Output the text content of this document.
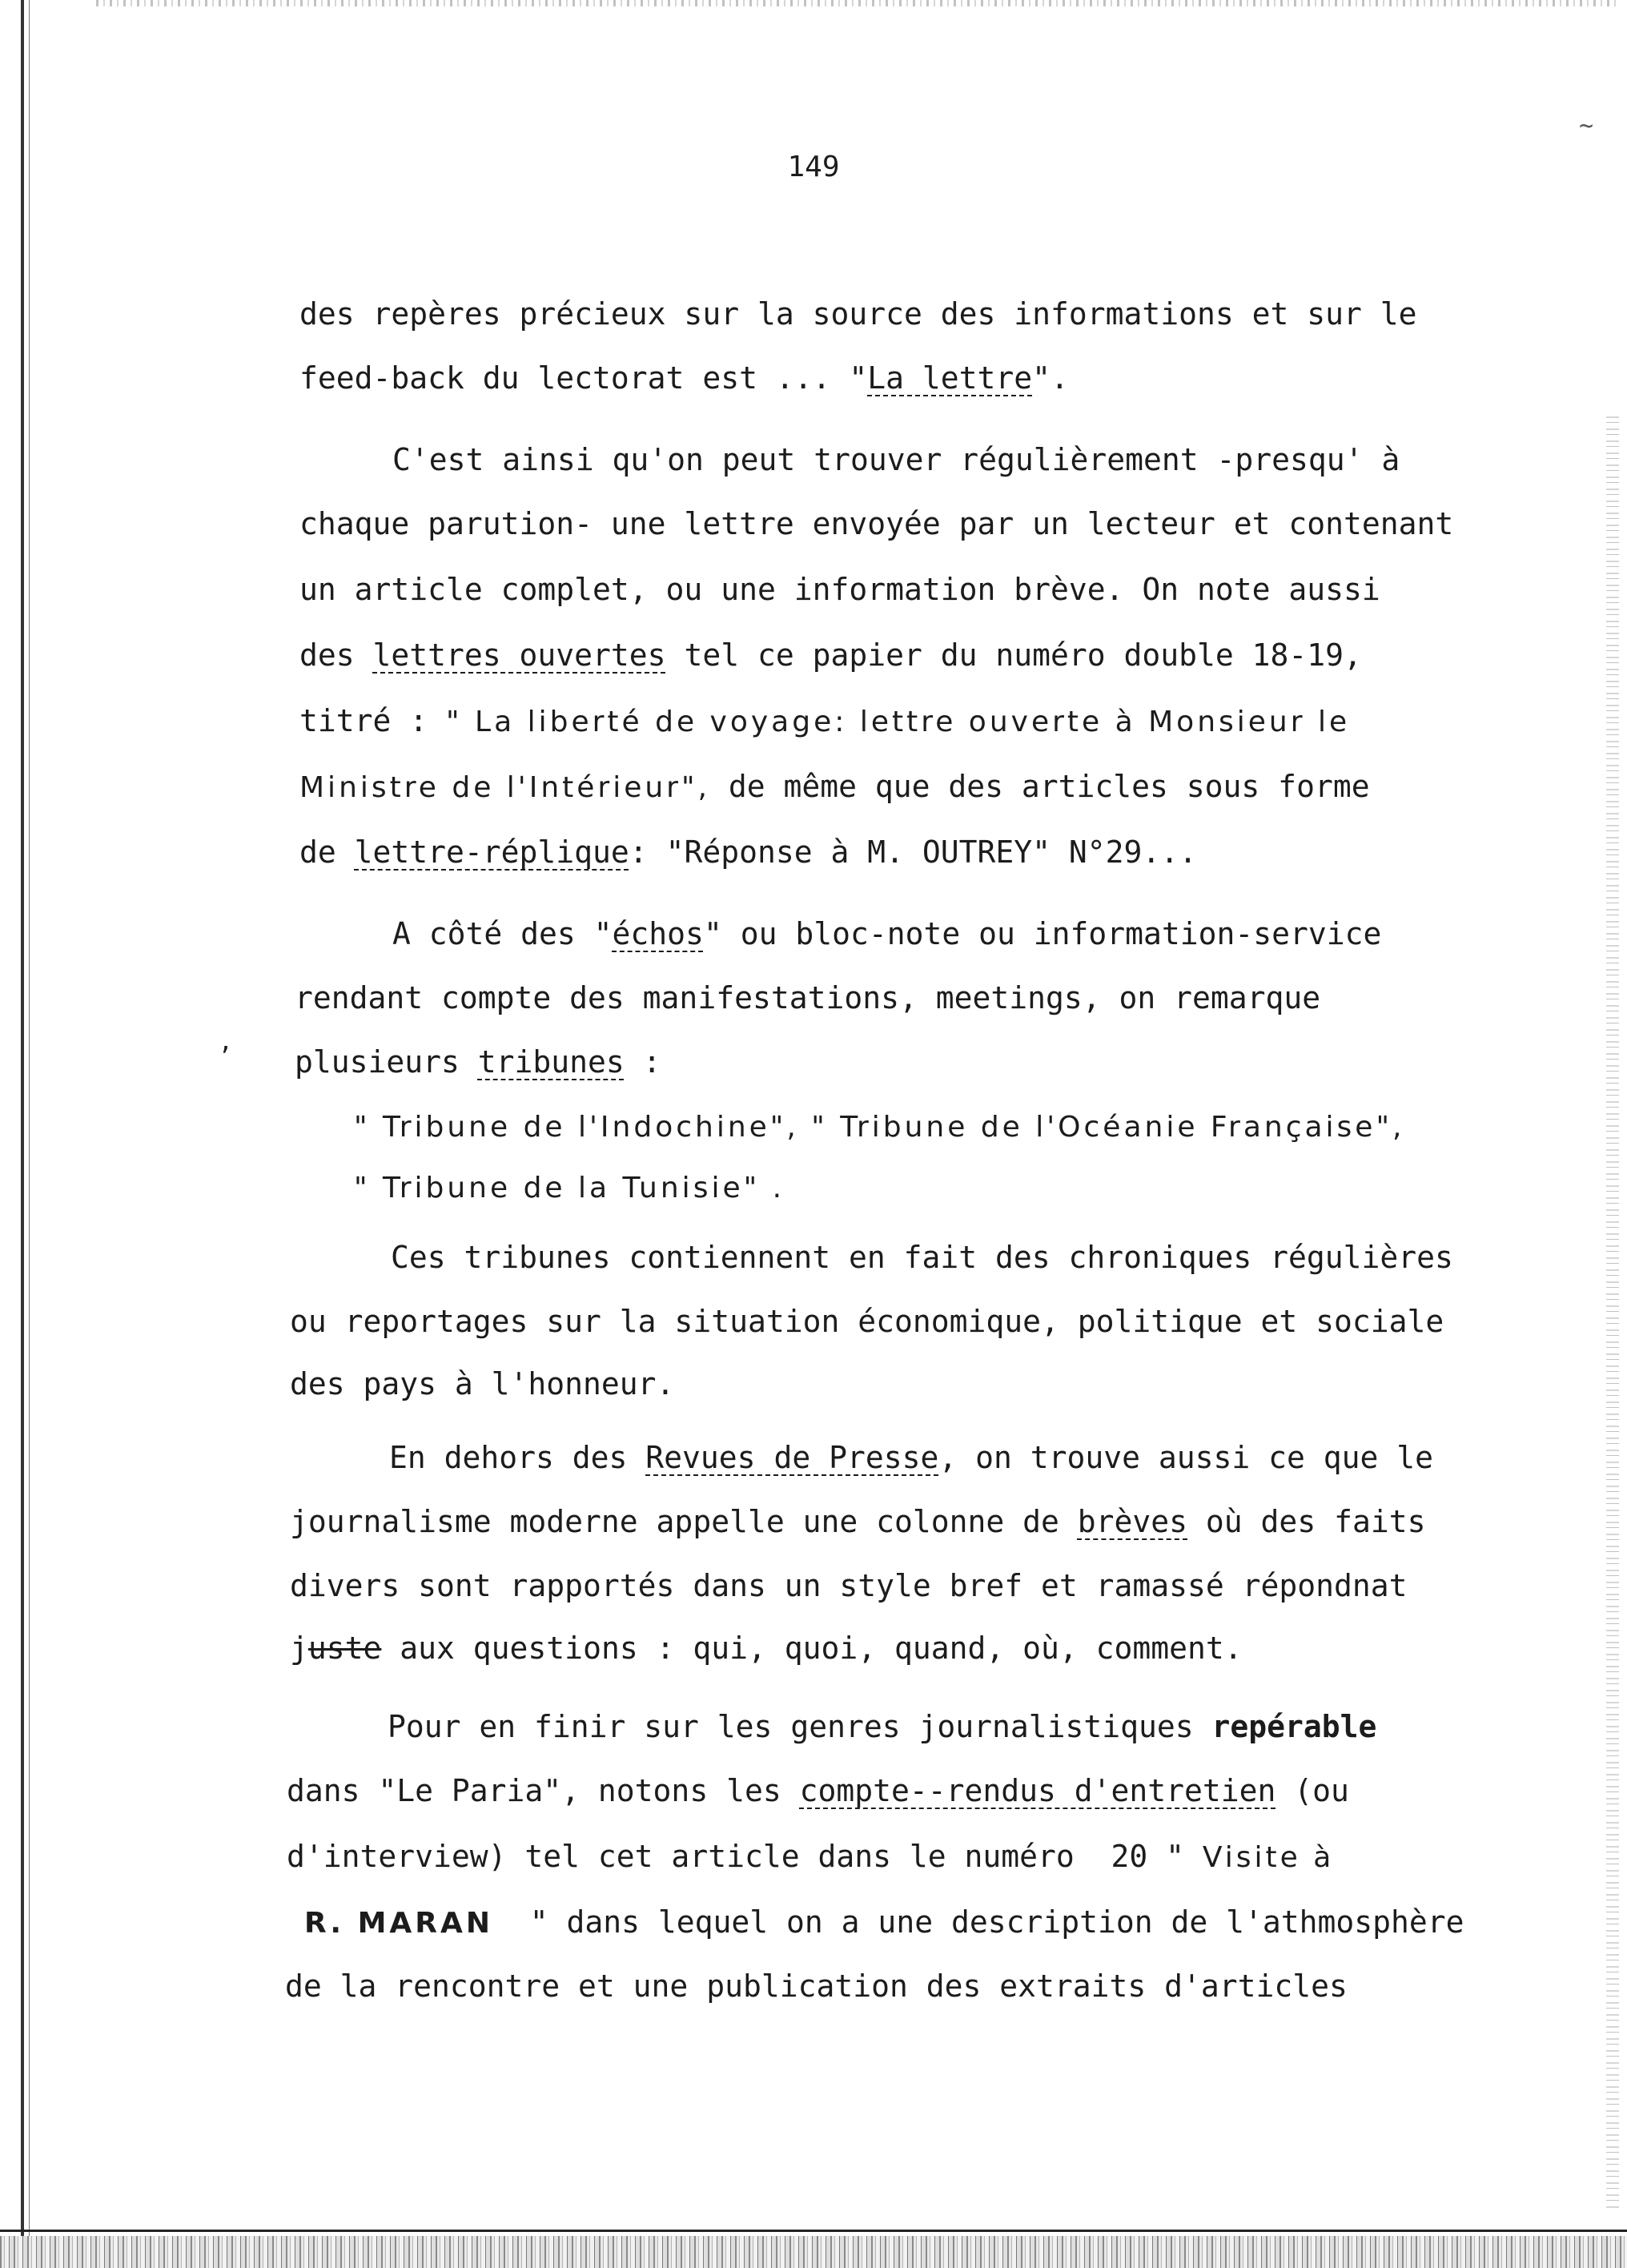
~
149
des repères précieux sur la source des informations et sur le
feed-back du lectorat est ... "La lettre".
C'est ainsi qu'on peut trouver régulièrement -presqu' à
chaque parution- une lettre envoyée par un lecteur et contenant
un article complet, ou une information brève. On note aussi
des lettres ouvertes tel ce papier du numéro double 18-19,
titré : " La liberté de voyage: lettre ouverte à Monsieur le
Ministre de l'Intérieur", de même que des articles sous forme
de lettre-réplique: "Réponse à M. OUTREY" N°29...
A côté des "échos" ou bloc-note ou information-service
rendant compte des manifestations, meetings, on remarque
’ plusieurs tribunes :
" Tribune de l'Indochine", " Tribune de l'Océanie Française",
" Tribune de la Tunisie" .
Ces tribunes contiennent en fait des chroniques régulières
ou reportages sur la situation économique, politique et sociale
des pays à l'honneur.
En dehors des Revues de Presse, on trouve aussi ce que le
journalisme moderne appelle une colonne de brèves où des faits
divers sont rapportés dans un style bref et ramassé répondnat
juste aux questions : qui, quoi, quand, où, comment.
Pour en finir sur les genres journalistiques repérable
dans "Le Paria", notons les compte--rendus d'entretien (ou
d'interview) tel cet article dans le numéro  20 " Visite à
R. MARAN  " dans lequel on a une description de l'athmosphère
de la rencontre et une publication des extraits d'articles
